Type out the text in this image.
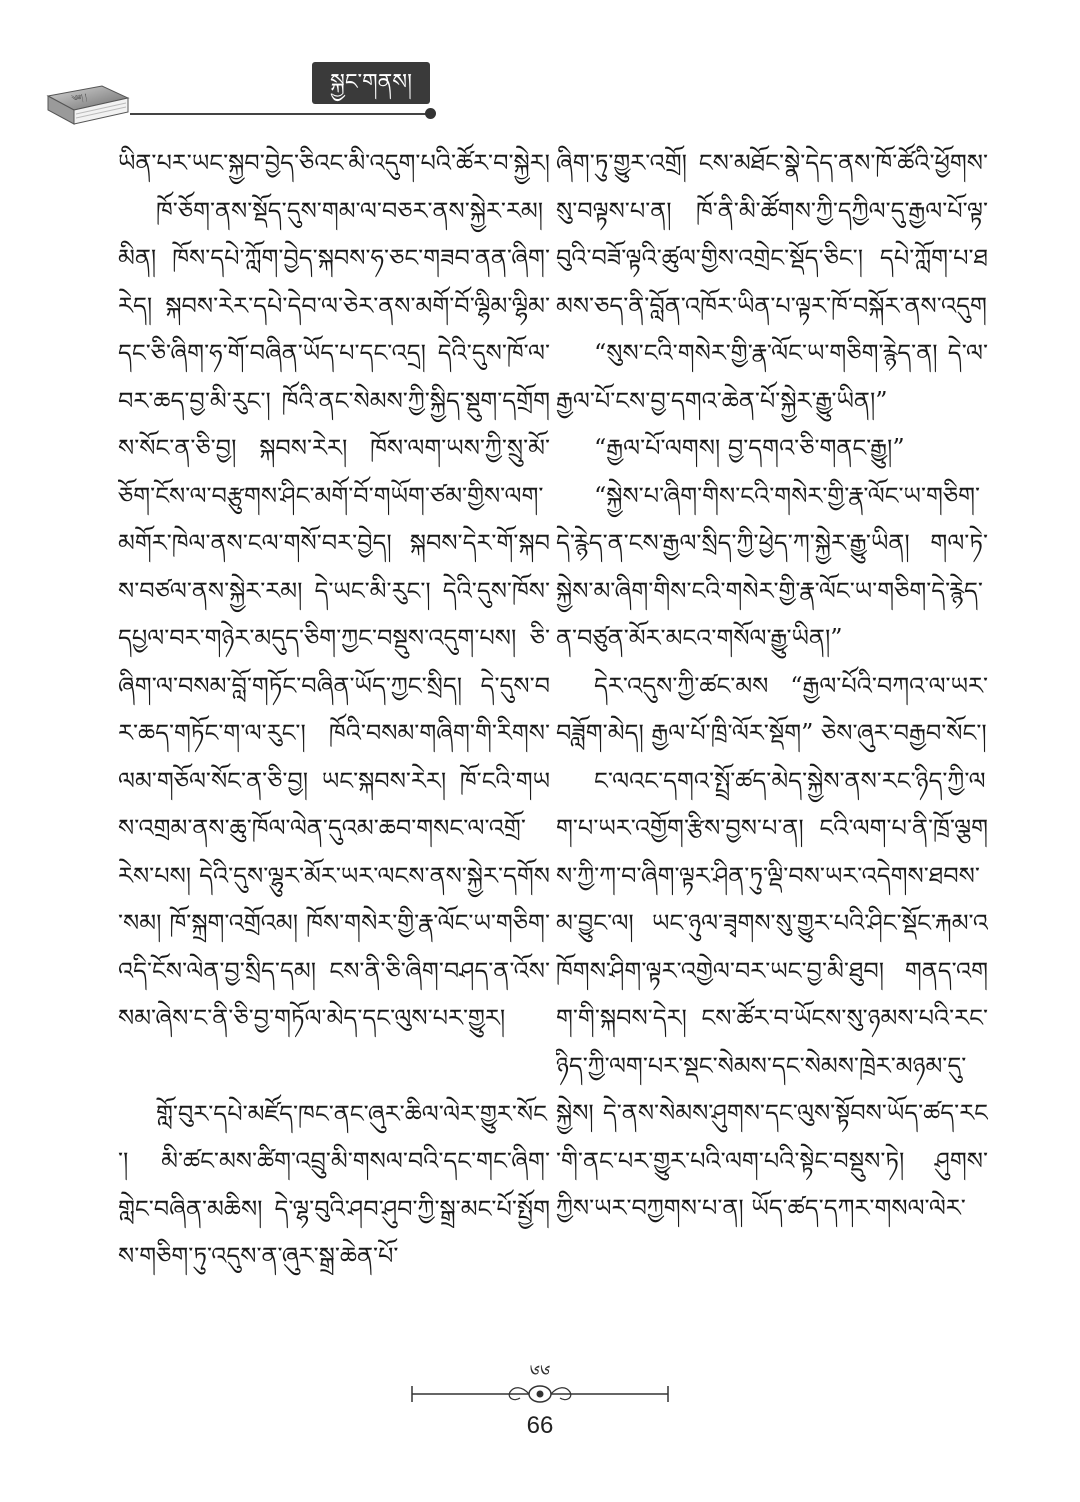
༄༅། །
སྐྱང་གནས།

ཡིན་པར་ཡང་སྐྱབ་བྱེད་ཅིའང་མི་འདུག་པའི་ཚོར་བ་སྐྱེར།

ཁོ་ཅོག་ནས་སྡོད་དུས་གམ་ལ་བཅར་ནས་སྐྱེར་རམ། མིན། ཁོས་དཔེ་ཀློག་བྱེད་སྐབས་ཧ་ཅང་གཟབ་ནན་ཞིག་རེད། སྐབས་རེར་དཔེ་དེབ་ལ་ཅེར་ནས་མགོ་བོ་ལྷིམ་ལྷིམ་དང་ཅི་ཞིག་ཧ་གོ་བཞིན་ཡོད་པ་དང་འདྲ། དེའི་དུས་ཁོ་ལ་བར་ཆད་བྱ་མི་རུང་། ཁོའི་ནང་སེམས་ཀྱི་སྐྱིད་སྡུག་དགྲོགས་སོང་ན་ཅི་བྱ། སྐབས་རེར། ཁོས་ལག་ཡས་ཀྱི་སྲུ་མོ་ཅོག་ངོས་ལ་བརྩུགས་ཤིང་མགོ་བོ་གཡོག་ཙམ་གྱིས་ལག་མགོར་ཁེལ་ནས་ངལ་གསོ་བར་བྱེད། སྐབས་དེར་གོ་སྐབས་བཙལ་ནས་སྐྱེར་རམ། དེ་ཡང་མི་རུང་། དེའི་དུས་ཁོས་དཔྱལ་བར་གཉེར་མདུད་ཅིག་ཀྱང་བསྡུས་འདུག་པས། ཅི་ཞིག་ལ་བསམ་བློ་གཏོང་བཞིན་ཡོད་ཀྱང་སྲིད། དེ་དུས་བར་ཆད་གཏོང་ག་ལ་རུང་། ཁོའི་བསམ་གཞིག་གི་རིགས་ལམ་གཅོལ་སོང་ན་ཅི་བྱ། ཡང་སྐབས་རེར། ཁོ་ངའི་གཡས་འགྲམ་ནས་ཆུ་ཁོལ་ལེན་དུའམ་ཆབ་གསང་ལ་འགྲོ་རེས་པས། དེའི་དུས་ལྷུར་མོར་ཡར་ལངས་ནས་སྐྱེར་དགོས་སམ། ཁོ་སྐྲག་འགྲོའམ། ཁོས་གསེར་གྱི་རྣ་ལོང་ཡ་གཅིག་འདི་ངོས་ལེན་བྱ་སྲིད་དམ། ངས་ནི་ཅི་ཞིག་བཤད་ན་འོས་སམ་ཞེས་ང་ནི་ཅི་བྱ་གཏོལ་མེད་དང་ལུས་པར་གྱུར།

གློ་བུར་དཔེ་མཛོད་ཁང་ནང་ཞུར་ཆིལ་ལེར་གྱུར་སོང་། མི་ཚང་མས་ཚིག་འབྲུ་མི་གསལ་བའི་དང་གང་ཞིག་གླེང་བཞིན་མཆིས། དེ་ལྷ་བུའི་ཤབ་ཤུབ་ཀྱི་སྒྲ་མང་པོ་སྤྱོགས་གཅིག་ཏུ་འདུས་ན་ཞུར་སྒྲ་ཆེན་པོ་

ཞིག་ཏུ་གྱུར་འགྲོ། ངས་མཐོང་སྣེ་དེད་ནས་ཁོ་ཚོའི་ཕྱོགས་སུ་བལྟས་པ་ན། ཁོ་ནི་མི་ཚོགས་ཀྱི་དཀྱིལ་དུ་རྒྱལ་པོ་ལྟ་བུའི་བཟོ་ལྟའི་ཚུལ་གྱིས་འགྲེང་སྡོད་ཅིང་། དཔེ་ཀློག་པ་ཐམས་ཅད་ནི་བློན་འཁོར་ཡིན་པ་ལྟར་ཁོ་བསྐོར་ནས་འདུག

“སུས་ངའི་གསེར་གྱི་རྣ་ལོང་ཡ་གཅིག་རྙེད་ན། དེ་ལ་རྒྱལ་པོ་ངས་བྱ་དགའ་ཆེན་པོ་སྐྱེར་རྒྱུ་ཡིན།”

“རྒྱལ་པོ་ལགས། བྱ་དགའ་ཅི་གནང་རྒྱུ།”

“སྐྱེས་པ་ཞིག་གིས་ངའི་གསེར་གྱི་རྣ་ལོང་ཡ་གཅིག་དེ་རྙེད་ན་ངས་རྒྱལ་སྲིད་ཀྱི་ཕྱེད་ཀ་སྐྱེར་རྒྱུ་ཡིན། གལ་ཏེ་སྐྱེས་མ་ཞིག་གིས་ངའི་གསེར་གྱི་རྣ་ལོང་ཡ་གཅིག་དེ་རྙེད་ན་བཙུན་མོར་མངའ་གསོལ་རྒྱུ་ཡིན།”

དེར་འདུས་ཀྱི་ཚང་མས “རྒྱལ་པོའི་བཀའ་ལ་ཡར་བཟློག་མེད། རྒྱལ་པོ་ཁྲི་ལོར་སྡོག” ཅེས་ཞུར་བརྒྱབ་སོང་།

ང་ལའང་དགའ་སྤྲོ་ཚད་མེད་སྐྱེས་ནས་རང་ཉིད་ཀྱི་ལག་པ་ཡར་འགྱོག་རྩིས་བྱས་པ་ན། ངའི་ལག་པ་ནི་ཁྲོ་ལྕགས་ཀྱི་ཀ་བ་ཞིག་ལྟར་ཤིན་ཏུ་ལྡི་བས་ཡར་འདེགས་ཐབས་མ་བྱུང་ལ། ཡང་ཉུལ་ཟྭགས་སུ་གྱུར་པའི་ཤིང་སྡོང་རྐམ་འཁོགས་ཤིག་ལྟར་འགྱེལ་བར་ཡང་བྱ་མི་ཐུབ། གནད་འགག་གི་སྐབས་དེར། ངས་ཚོར་བ་ཡོངས་སུ་ཉམས་པའི་རང་ཉིད་ཀྱི་ལག་པར་སྡང་སེམས་དང་སེམས་ཁྲེར་མཉམ་དུ་སྐྱེས། དེ་ནས་སེམས་ཤུགས་དང་ལུས་སྟོབས་ཡོད་ཚད་རང་གི་ནང་པར་གྱུར་པའི་ལག་པའི་སྟེང་བསྡུས་ཏེ། ཤུགས་ཀྱིས་ཡར་བཀྱགས་པ་ན། ཡོད་ཚད་དཀར་གསལ་ལེར་

༦༦
66
